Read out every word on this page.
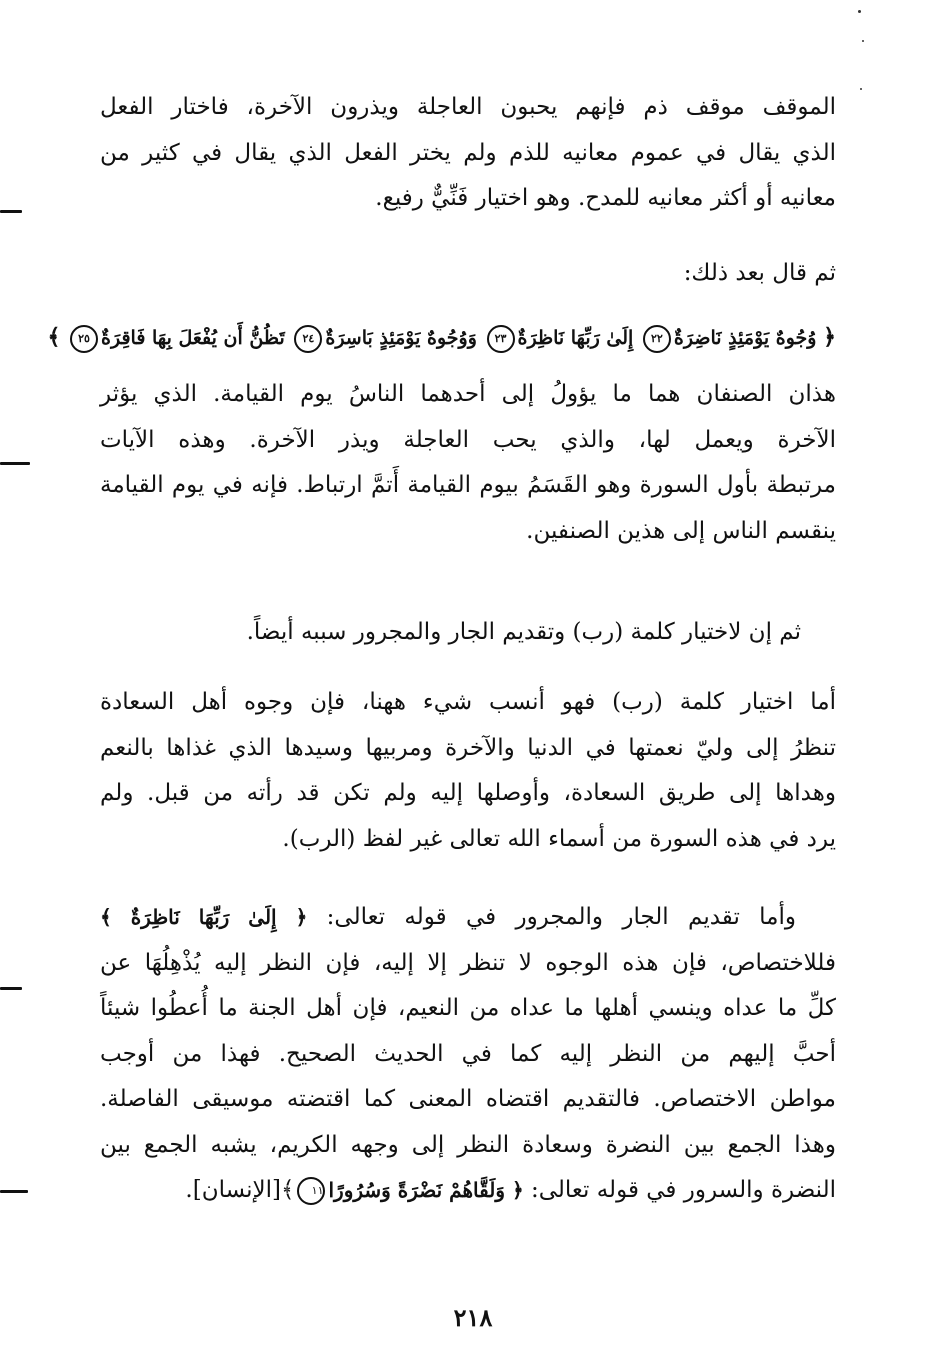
الموقف موقف ذم فإنهم يحبون العاجلة ويذرون الآخرة، فاختار الفعل
الذي يقال في عموم معانيه للذم ولم يختر الفعل الذي يقال في كثير من
معانيه أو أكثر معانيه للمدح. وهو اختيار فَنِّيٌّ رفيع.
ثم قال بعد ذلك:
﴿ وُجُوهٌ يَوْمَئِذٍ نَاضِرَةٌ٢٢ إِلَىٰ رَبِّهَا نَاظِرَةٌ٢٣ وَوُجُوهٌ يَوْمَئِذٍ بَاسِرَةٌ٢٤ تَظُنُّ أَن يُفْعَلَ بِهَا فَاقِرَةٌ٢٥ ﴾
هذان الصنفان هما ما يؤولُ إلى أحدهما الناسُ يوم القيامة. الذي يؤثر
الآخرة ويعمل لها، والذي يحب العاجلة ويذر الآخرة. وهذه الآيات
مرتبطة بأول السورة وهو القَسَمُ بيوم القيامة أَتمَّ ارتباط. فإنه في يوم القيامة
ينقسم الناس إلى هذين الصنفين.
ثم إن لاختيار كلمة (رب) وتقديم الجار والمجرور سببه أيضاً.
أما اختيار كلمة (رب) فهو أنسب شيء ههنا، فإن وجوه أهل السعادة
تنظرُ إلى وليّ نعمتها في الدنيا والآخرة ومربيها وسيدها الذي غذاها بالنعم
وهداها إلى طريق السعادة، وأوصلها إليه ولم تكن قد رأته من قبل. ولم
يرد في هذه السورة من أسماء الله تعالى غير لفظ (الرب).
وأما تقديم الجار والمجرور في قوله تعالى: ﴿ إِلَىٰ رَبِّهَا نَاظِرَةٌ ﴾
فللاختصاص، فإن هذه الوجوه لا تنظر إلا إليه، فإن النظر إليه يُذْهِلُهَا عن
كلِّ ما عداه وينسي أهلها ما عداه من النعيم، فإن أهل الجنة ما أُعطُوا شيئاً
أحبَّ إليهم من النظر إليه كما في الحديث الصحيح. فهذا من أوجب
مواطن الاختصاص. فالتقديم اقتضاه المعنى كما اقتضته موسيقى الفاصلة.
وهذا الجمع بين النضرة وسعادة النظر إلى وجهه الكريم، يشبه الجمع بين
النضرة والسرور في قوله تعالى: ﴿ وَلَقَّاهُمْ نَضْرَةً وَسُرُورًا١١﴾[الإنسان].
٢١٨
